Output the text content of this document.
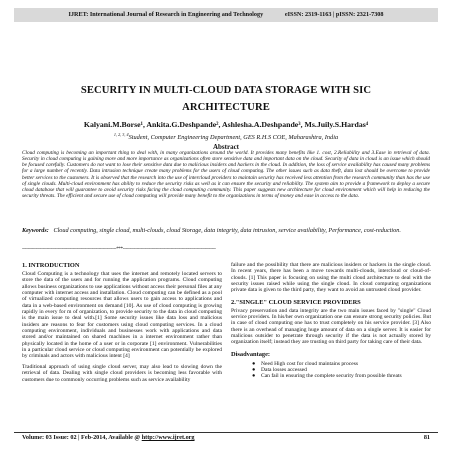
IJRET: International Journal of Research in Engineering and Technology	eISSN: 2319-1163 | pISSN: 2321-7308
SECURITY IN MULTI-CLOUD DATA STORAGE WITH SIC
ARCHITECTURE
Kalyani.M.Borse¹, Ankita.G.Deshpande², Ashlesha.A.Deshpande³, Ms.Juily.S.Hardas⁴
$^{1, 2, 3, 4}$Student, Computer Engineering Department, GES R.H.S COE, Maharashtra, India
Abstract
Cloud computing is becoming an important thing to deal with, in many organizations around the world. It provides many benefits like 1. cost, 2.Reliability and 3.Ease in retrieval of data. Security in cloud computing is gaining more and more importance as organizations often store sensitive data and important data on the cloud. Security of data in cloud is an issue which should be focused carefully. Customers do not want to lose their sensitive data due to malicious insiders and hackers in the cloud. In addition, the loss of service availability has caused many problems for a large number of recently. Data intrusion technique create many problems for the users of cloud computing. The other issues such as data theft, data lost should be overcome to provide better services to the customers. It is observed that the research into the use of intercloud providers to maintain security has received less attention from the research community than has the use of single clouds. Multi-cloud environment has ability to reduce the security risks as well as it can ensure the security and reliability. The system aim to provide a framework to deploy a secure cloud database that will guarantee to avoid security risks facing the cloud computing community. This paper suggests new architecture for cloud environment which will help in reducing the security threats. The efficient and secure use of cloud computing will provide many benefit to the organizations in terms of money and ease in access to the data.
Keywords: Cloud computing, single cloud, multi-clouds, cloud Storage, data integrity, data intrusion, service availability, Performance, cost-reduction.
---------------------------------------------------------------------***--------------------------------------------------------------------
1. INTRODUCTION

Cloud Computing is a technology that uses the internet and remotely located servers to store the data of the users and for running the application programs. Cloud computing allows business organizations to use applications without access their personal files at any computer with internet access and installation. Cloud computing can be defined as a pool of virtualized computing resources that allows users to gain access to applications and data in a web-based environment on demand [10]. As use of cloud computing is growing rapidly in every for m of organization, to provide security to the data in cloud computing is the main issue to deal with.[1] Some security issues like data loss and malicious insiders are reasons to fear for customers using cloud computing services. In a cloud computing environment, individuals and businesses work with applications and data stored and/or maintained on shared machines in a internet environment rather than physically located in the home of a user or in corporate [1] environment. Vulnerabilities in a particular cloud service or cloud computing environment can potentially be explored by criminals and actors with malicious intent [4]

Traditional approach of using single cloud server, may also lead to slowing down the retrieval of data. Dealing with single cloud providers is becoming less favorable with customers due to commonly occurring problems such as service availability

failure and the possibility that there are malicious insiders or hackers in the single cloud. In recent years, there has been a move towards multi-clouds, intercloud or cloud-of-clouds. [1] This paper is focusing on using the multi cloud architecture to deal with the security issues raised while using the single cloud. In cloud computing organizations private data is given to the third party, they want to avoid an untrusted cloud provider.

2."SINGLE" CLOUD SERVICE PROVIDERS

Privacy preservation and data integrity are the two main issues faced by "single" Cloud service providers. In his/her own organization one can ensure strong security policies. But in case of cloud computing one has to trust completely on his service provider. [3] Also there is an overhead of managing huge amount of data on a single server. It is easier for malicious outsider to penetrate through security if the data is not actually stored by organization itself; instead they are trusting on third party for taking care of their data.

Disadvantage:
● Need High cost for cloud maintains process
● Data losses accessed
● Can fail in ensuring the complete security from possible threats
Volume: 03 Issue: 02 | Feb-2014, Available @ http://www.ijret.org	81
